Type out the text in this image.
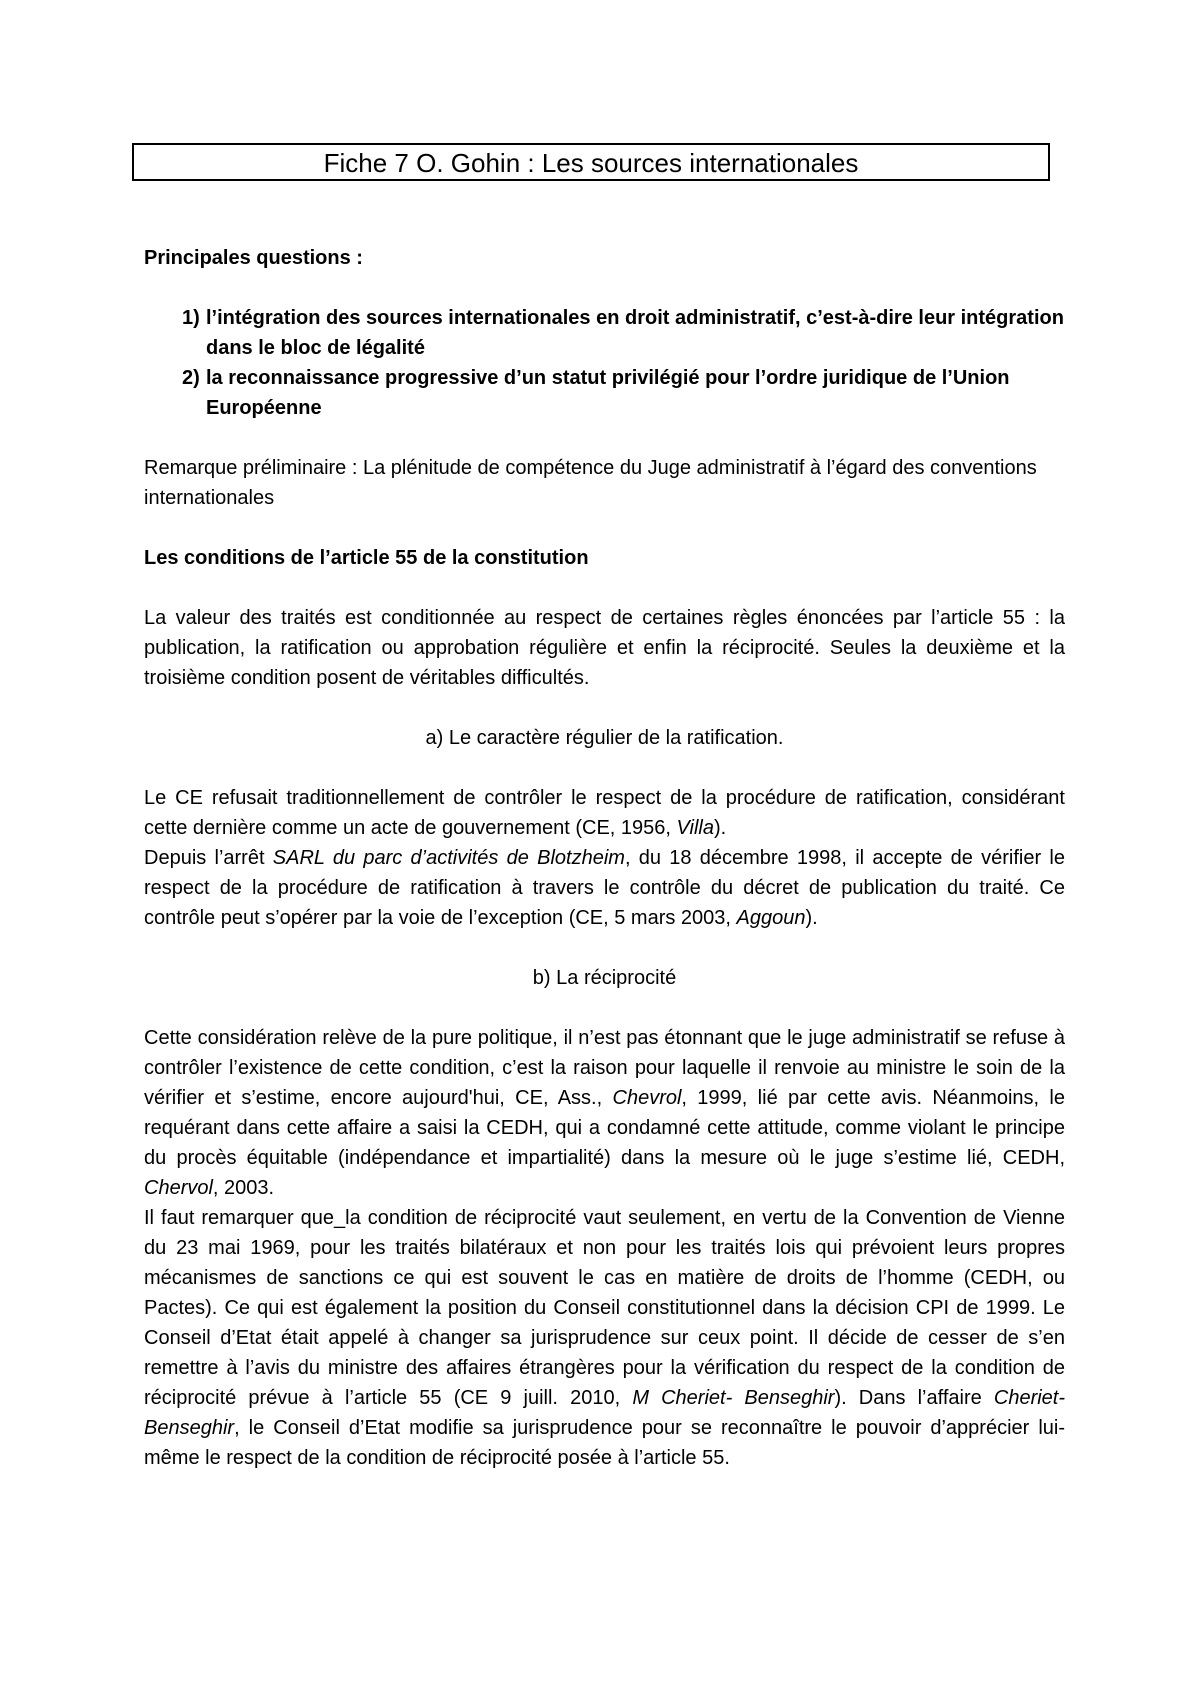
Fiche 7 O. Gohin : Les sources internationales

Principales questions :

1) l’intégration des sources internationales en droit administratif, c’est-à-dire leur intégration dans le bloc de légalité
2) la reconnaissance progressive d’un statut privilégié pour l’ordre juridique de l’Union Européenne

Remarque préliminaire : La plénitude de compétence du Juge administratif à l’égard des conventions internationales

Les conditions de l’article 55 de la constitution

La valeur des traités est conditionnée au respect de certaines règles énoncées par l’article 55 : la publication, la ratification ou approbation régulière et enfin la réciprocité. Seules la deuxième et la troisième condition posent de véritables difficultés.

a) Le caractère régulier de la ratification.

Le CE refusait traditionnellement de contrôler le respect de la procédure de ratification, considérant cette dernière comme un acte de gouvernement (CE, 1956, Villa).

Depuis l’arrêt SARL du parc d’activités de Blotzheim, du 18 décembre 1998, il accepte de vérifier le respect de la procédure de ratification à travers le contrôle du décret de publication du traité. Ce contrôle peut s’opérer par la voie de l’exception (CE, 5 mars 2003, Aggoun).

b) La réciprocité

Cette considération relève de la pure politique, il n’est pas étonnant que le juge administratif se refuse à contrôler l’existence de cette condition, c’est la raison pour laquelle il renvoie au ministre le soin de la vérifier et s’estime, encore aujourd'hui, CE, Ass., Chevrol, 1999, lié par cette avis. Néanmoins, le requérant dans cette affaire a saisi la CEDH, qui a condamné cette attitude, comme violant le principe du procès équitable (indépendance et impartialité) dans la mesure où le juge s’estime lié, CEDH, Chervol, 2003.

Il faut remarquer que_la condition de réciprocité vaut seulement, en vertu de la Convention de Vienne du 23 mai 1969, pour les traités bilatéraux et non pour les traités lois qui prévoient leurs propres mécanismes de sanctions ce qui est souvent le cas en matière de droits de l’homme (CEDH, ou Pactes). Ce qui est également la position du Conseil constitutionnel dans la décision CPI de 1999. Le Conseil d’Etat était appelé à changer sa jurisprudence sur ceux point. Il décide de cesser de s’en remettre à l’avis du ministre des affaires étrangères pour la vérification du respect de la condition de réciprocité prévue à l’article 55 (CE 9 juill. 2010, M Cheriet- Benseghir). Dans l’affaire Cheriet- Benseghir, le Conseil d’Etat modifie sa jurisprudence pour se reconnaître le pouvoir d’apprécier lui-même le respect de la condition de réciprocité posée à l’article 55.
